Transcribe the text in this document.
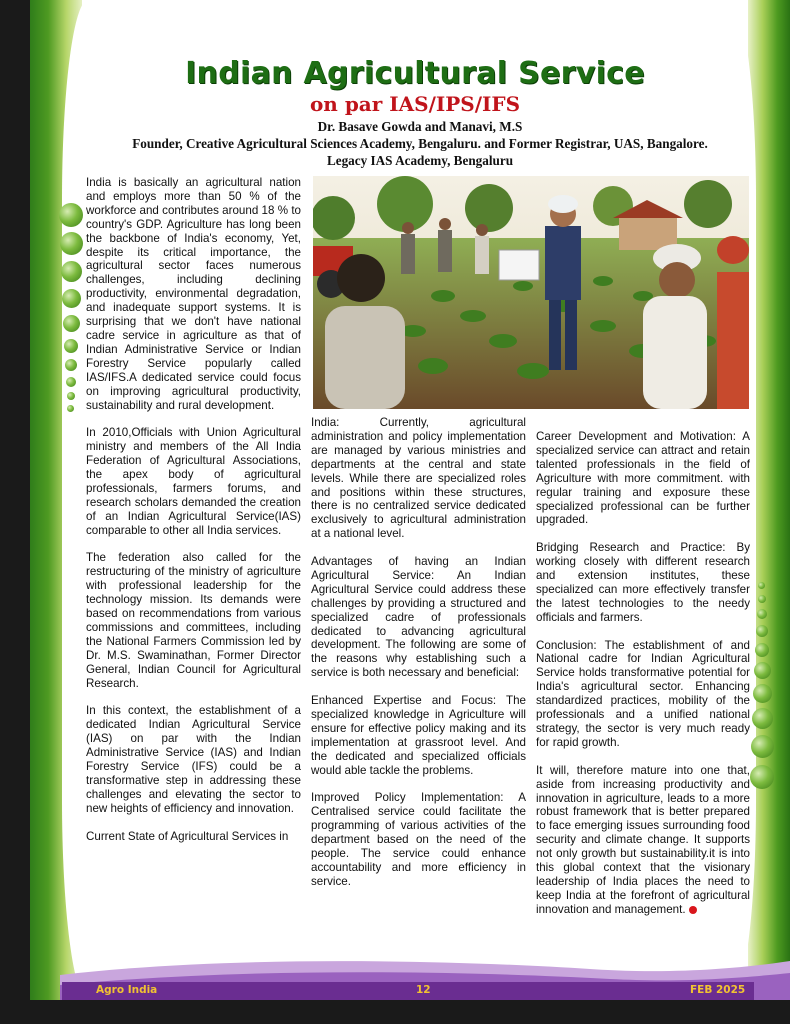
Indian Agricultural Service
on par IAS/IPS/IFS
Dr. Basave Gowda and Manavi, M.S
Founder, Creative Agricultural Sciences Academy, Bengaluru. and Former Registrar, UAS, Bangalore.
Legacy IAS Academy, Bengaluru

India is basically an agricultural nation and employs more than 50 % of the workforce and contributes around 18 % to country's GDP. Agriculture has long been the backbone of India's economy, Yet, despite its critical importance, the agricultural sector faces numerous challenges, including declining productivity, environmental degradation, and inadequate support systems. It is surprising that we don't have national cadre service in agriculture as that of Indian Administrative Service or Indian Forestry Service popularly called IAS/IFS.A dedicated service could focus on improving agricultural productivity, sustainability and rural development.

In 2010,Officials with Union Agricultural ministry and members of the All India Federation of Agricultural Associations, the apex body of agricultural professionals, farmers forums, and research scholars demanded the creation of an Indian Agricultural Service(IAS) comparable to other all India services.

The federation also called for the restructuring of the ministry of agriculture with professional leadership for the technology mission. Its demands were based on recommendations from various commissions and committees, including the National Farmers Commission led by Dr. M.S. Swaminathan, Former Director General, Indian Council for Agricultural Research.

In this context, the establishment of a dedicated Indian Agricultural Service (IAS) on par with the Indian Administrative Service (IAS) and Indian Forestry Service (IFS) could be a transformative step in addressing these challenges and elevating the sector to new heights of efficiency and innovation.

Current State of Agricultural Services in

India: Currently, agricultural administration and policy implementation are managed by various ministries and departments at the central and state levels. While there are specialized roles and positions within these structures, there is no centralized service dedicated exclusively to agricultural administration at a national level.

Advantages of having an Indian Agricultural Service: An Indian Agricultural Service could address these challenges by providing a structured and specialized cadre of professionals dedicated to advancing agricultural development. The following are some of the reasons why establishing such a service is both necessary and beneficial:

Enhanced Expertise and Focus: The specialized knowledge in Agriculture will ensure for effective policy making and its implementation at grassroot level. And the dedicated and specialized officials would able tackle the problems.

Improved Policy Implementation: A Centralised service could facilitate the programming of various activities of the department based on the need of the people. The service could enhance accountability and more efficiency in service.

Career Development and Motivation: A specialized service can attract and retain talented professionals in the field of Agriculture with more commitment. with regular training and exposure these specialized professional can be further upgraded.

Bridging Research and Practice: By working closely with different research and extension institutes, these specialized can more effectively transfer the latest technologies to the needy officials and farmers.

Conclusion: The establishment of and National cadre for Indian Agricultural Service holds transformative potential for India's agricultural sector. Enhancing standardized practices, mobility of the professionals and a unified national strategy, the sector is very much ready for rapid growth.

It will, therefore mature into one that, aside from increasing productivity and innovation in agriculture, leads to a more robust framework that is better prepared to face emerging issues surrounding food security and climate change. It supports not only growth but sustainability.it is into this global context that the visionary leadership of India places the need to keep India at the forefront of agricultural innovation and management.

Agro India	12	FEB 2025
